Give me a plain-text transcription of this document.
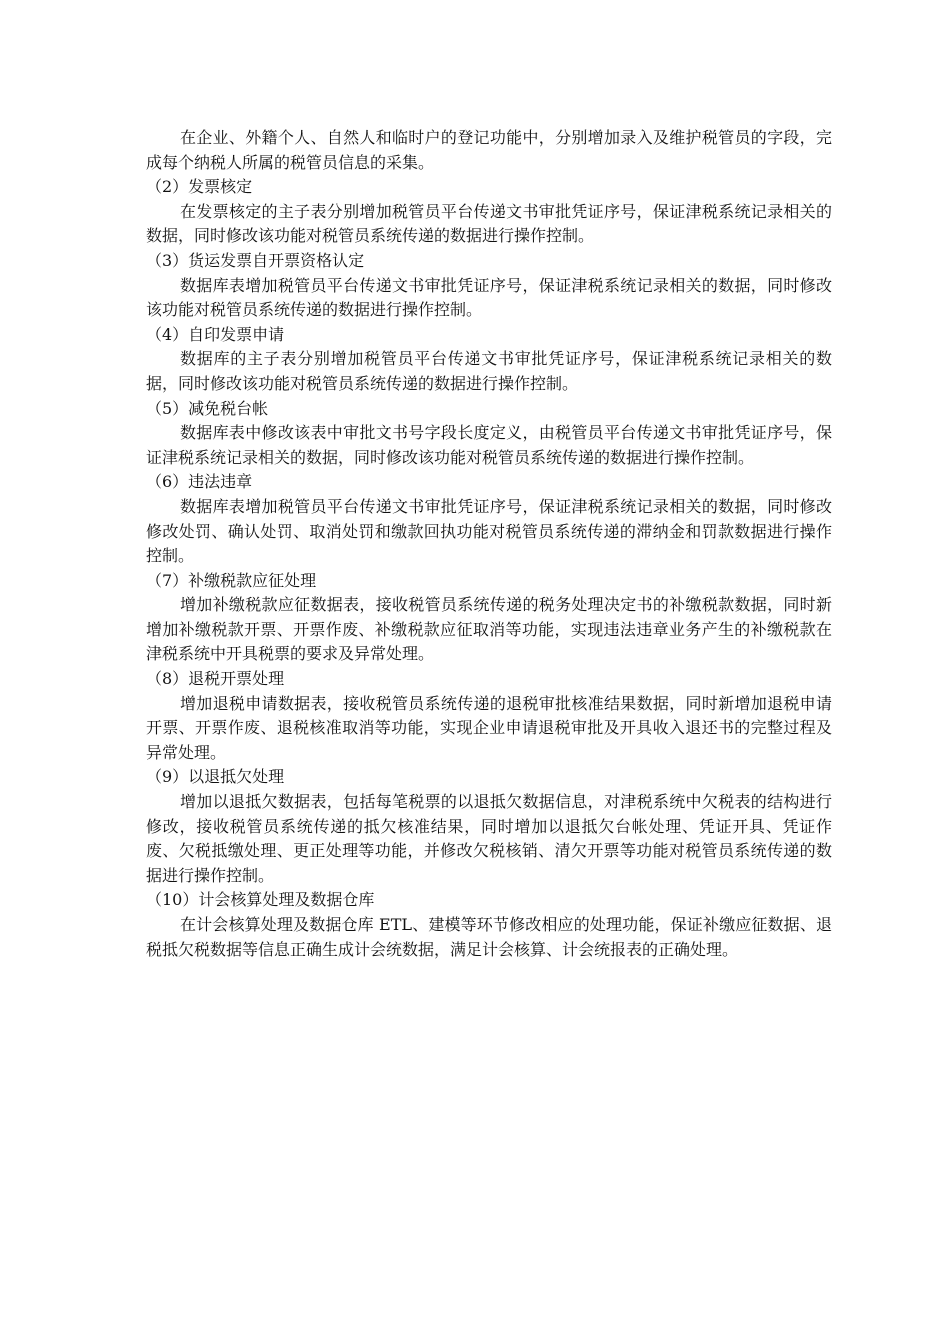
在企业、外籍个人、自然人和临时户的登记功能中，分别增加录入及维护税管员的字段，完成每个纳税人所属的税管员信息的采集。

（2）发票核定

在发票核定的主子表分别增加税管员平台传递文书审批凭证序号，保证津税系统记录相关的数据，同时修改该功能对税管员系统传递的数据进行操作控制。

（3）货运发票自开票资格认定

数据库表增加税管员平台传递文书审批凭证序号，保证津税系统记录相关的数据，同时修改该功能对税管员系统传递的数据进行操作控制。

（4）自印发票申请

数据库的主子表分别增加税管员平台传递文书审批凭证序号，保证津税系统记录相关的数据，同时修改该功能对税管员系统传递的数据进行操作控制。

（5）减免税台帐

数据库表中修改该表中审批文书号字段长度定义，由税管员平台传递文书审批凭证序号，保证津税系统记录相关的数据，同时修改该功能对税管员系统传递的数据进行操作控制。

（6）违法违章

数据库表增加税管员平台传递文书审批凭证序号，保证津税系统记录相关的数据，同时修改修改处罚、确认处罚、取消处罚和缴款回执功能对税管员系统传递的滞纳金和罚款数据进行操作控制。

（7）补缴税款应征处理

增加补缴税款应征数据表，接收税管员系统传递的税务处理决定书的补缴税款数据，同时新增加补缴税款开票、开票作废、补缴税款应征取消等功能，实现违法违章业务产生的补缴税款在津税系统中开具税票的要求及异常处理。

（8）退税开票处理

增加退税申请数据表，接收税管员系统传递的退税审批核准结果数据，同时新增加退税申请开票、开票作废、退税核准取消等功能，实现企业申请退税审批及开具收入退还书的完整过程及异常处理。

（9）以退抵欠处理

增加以退抵欠数据表，包括每笔税票的以退抵欠数据信息，对津税系统中欠税表的结构进行修改，接收税管员系统传递的抵欠核准结果，同时增加以退抵欠台帐处理、凭证开具、凭证作废、欠税抵缴处理、更正处理等功能，并修改欠税核销、清欠开票等功能对税管员系统传递的数据进行操作控制。

（10）计会核算处理及数据仓库

在计会核算处理及数据仓库 ETL、建模等环节修改相应的处理功能，保证补缴应征数据、退税抵欠税数据等信息正确生成计会统数据，满足计会核算、计会统报表的正确处理。
